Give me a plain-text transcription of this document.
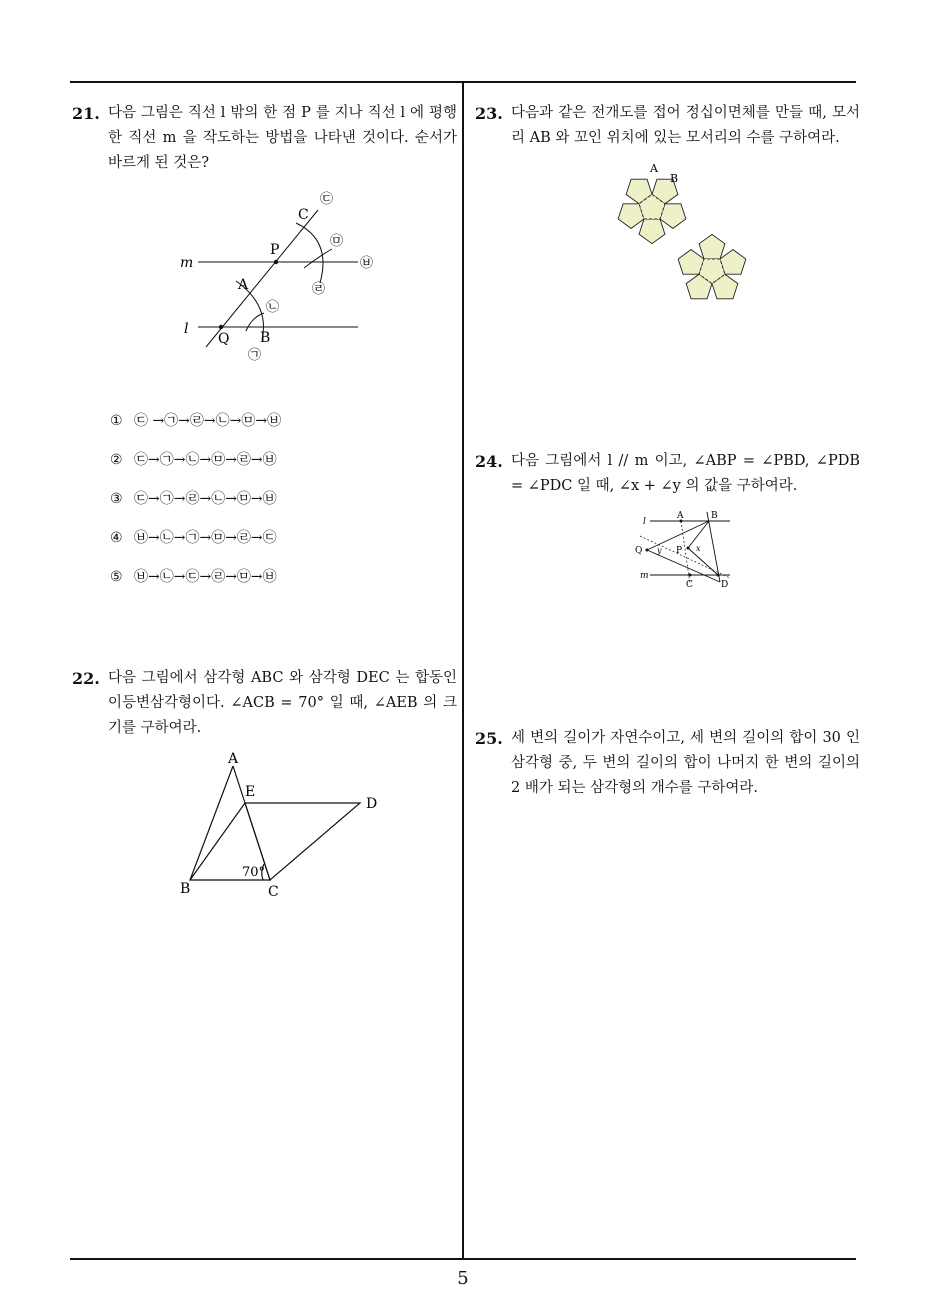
21. 다음 그림은 직선 l 밖의 한 점 P 를 지나 직선 l 에 평행한 직선 m 을 작도하는 방법을 나타낸 것이다. 순서가 바르게 된 것은?
C
P
m
A
l
Q B
㉢
㉤
㉥
㉣
㉡
㉠
① ㉢ →㉠→㉣→㉡→㉤→㉥
② ㉢→㉠→㉡→㉤→㉣→㉥
③ ㉢→㉠→㉣→㉡→㉤→㉥
④ ㉥→㉡→㉠→㉤→㉣→㉢
⑤ ㉥→㉡→㉢→㉣→㉤→㉥
22. 다음 그림에서 삼각형 ABC 와 삼각형 DEC 는 합동인 이등변삼각형이다. ∠ACB = 70° 일 때, ∠AEB 의 크기를 구하여라.
A
E
D
B	C
70°
23. 다음과 같은 전개도를 접어 정십이면체를 만들 때, 모서리 AB 와 꼬인 위치에 있는 모서리의 수를 구하여라.
A
B
24. 다음 그림에서 l // m 이고, ∠ABP = ∠PBD, ∠PDB = ∠PDC 일 때, ∠x + ∠y 의 값을 구하여라.
l
A	B
Q y P x
m
C	D
25. 세 변의 길이가 자연수이고, 세 변의 길이의 합이 30 인 삼각형 중, 두 변의 길이의 합이 나머지 한 변의 길이의 2 배가 되는 삼각형의 개수를 구하여라.
5
